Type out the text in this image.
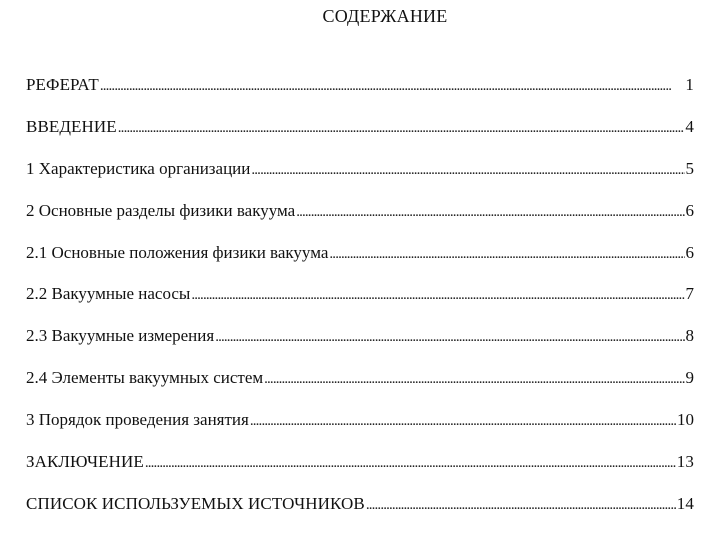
СОДЕРЖАНИЕ
РЕФЕРАТ . . .	1
ВВЕДЕНИЕ . . .	4
1 Характеристика организации . . .	5
2 Основные разделы физики вакуума . . .	6
2.1 Основные положения физики вакуума . . .	6
2.2 Вакуумные насосы . . .	7
2.3 Вакуумные измерения . . .	8
2.4 Элементы вакуумных систем . . .	9
3 Порядок проведения занятия . . .	10
ЗАКЛЮЧЕНИЕ . . .	13
СПИСОК ИСПОЛЬЗУЕМЫХ ИСТОЧНИКОВ . . .	14
